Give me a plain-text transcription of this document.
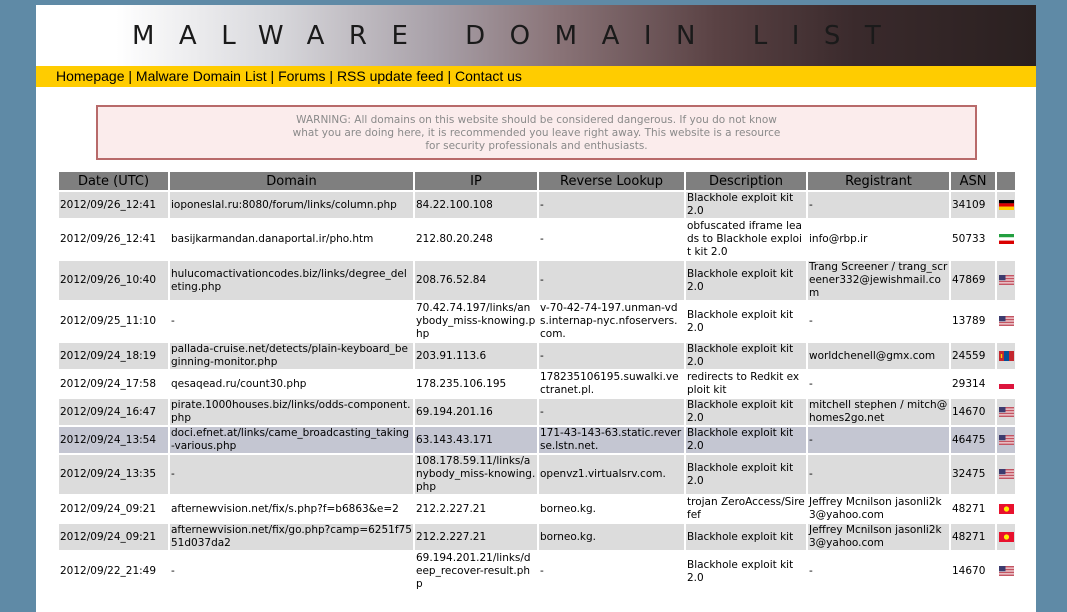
MALWARE DOMAIN LIST
Homepage | Malware Domain List | Forums | RSS update feed | Contact us
WARNING: All domains on this website should be considered dangerous. If you do not know what you are doing here, it is recommended you leave right away. This website is a resource for security professionals and enthusiasts.
Date (UTC)	Domain	IP	Reverse Lookup	Description	Registrant	ASN	
2012/09/26_12:41	ioponeslal.ru:8080/forum/links/column.php	84.22.100.108	-	Blackhole exploit kit 2.0	-	34109	
2012/09/26_12:41	basijkarmandan.danaportal.ir/pho.htm	212.80.20.248	-	obfuscated iframe leads to Blackhole exploit kit 2.0	info@rbp.ir	50733	
2012/09/26_10:40	hulucomactivationcodes.biz/links/degree_deleting.php	208.76.52.84	-	Blackhole exploit kit 2.0	Trang Screener / trang_screener332@jewishmail.com	47869	
2012/09/25_11:10	-	70.42.74.197/links/anybody_miss-knowing.php	v-70-42-74-197.unman-vds.internap-nyc.nfoservers.com.	Blackhole exploit kit 2.0	-	13789	
2012/09/24_18:19	pallada-cruise.net/detects/plain-keyboard_beginning-monitor.php	203.91.113.6	-	Blackhole exploit kit 2.0	worldchenell@gmx.com	24559	
2012/09/24_17:58	qesaqead.ru/count30.php	178.235.106.195	178235106195.suwalki.vectranet.pl.	redirects to Redkit exploit kit	-	29314	
2012/09/24_16:47	pirate.1000houses.biz/links/odds-component.php	69.194.201.16	-	Blackhole exploit kit 2.0	mitchell stephen / mitch@homes2go.net	14670	
2012/09/24_13:54	doci.efnet.at/links/came_broadcasting_taking-various.php	63.143.43.171	171-43-143-63.static.reverse.lstn.net.	Blackhole exploit kit 2.0	-	46475	
2012/09/24_13:35	-	108.178.59.11/links/anybody_miss-knowing.php	openvz1.virtualsrv.com.	Blackhole exploit kit 2.0	-	32475	
2012/09/24_09:21	afternewvision.net/fix/s.php?f=b6863&e=2	212.2.227.21	borneo.kg.	trojan ZeroAccess/Sirefef	Jeffrey Mcnilson jasonli2k3@yahoo.com	48271	
2012/09/24_09:21	afternewvision.net/fix/go.php?camp=6251f7551d037da2	212.2.227.21	borneo.kg.	Blackhole exploit kit	Jeffrey Mcnilson jasonli2k3@yahoo.com	48271	
2012/09/22_21:49	-	69.194.201.21/links/deep_recover-result.php	-	Blackhole exploit kit 2.0	-	14670	
